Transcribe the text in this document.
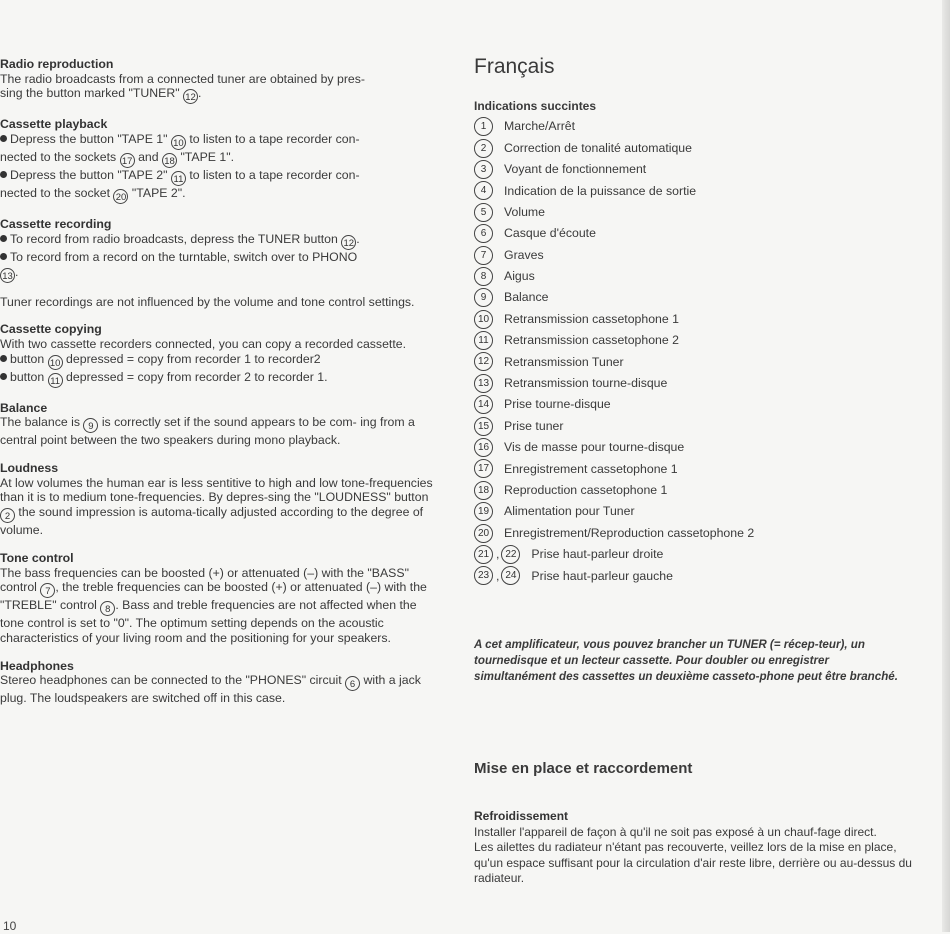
Radio reproduction

The radio broadcasts from a connected tuner are obtained by pres-
sing the button marked "TUNER" 12 .

Cassette playback

Depress the button "TAPE 1" 10 to listen to a tape recorder con-
nected to the sockets 17 and 18 "TAPE 1".

Depress the button "TAPE 2" 11 to listen to a tape recorder con-
nected to the socket 20 "TAPE 2".

Cassette recording

To record from radio broadcasts, depress the TUNER button 12 .

To record from a record on the turntable, switch over to PHONO
13 .

Tuner recordings are not influenced by the volume and tone control settings.

Cassette copying

With two cassette recorders connected, you can copy a recorded cassette.

button 10 depressed = copy from recorder 1 to recorder2

button 11 depressed = copy from recorder 2 to recorder 1.

Balance

The balance is 9 is correctly set if the sound appears to be com- ing from a central point between the two speakers during mono playback.

Loudness

At low volumes the human ear is less sentitive to high and low tone-frequencies than it is to medium tone-frequencies. By depres-sing the "LOUDNESS" button 2 the sound impression is automa-tically adjusted according to the degree of volume.

Tone control

The bass frequencies can be boosted (+) or attenuated (–) with the "BASS" control 7 , the treble frequencies can be boosted (+) or attenuated (–) with the "TREBLE" control 8 . Bass and treble frequencies are not affected when the tone control is set to "0". The optimum setting depends on the acoustic characteristics of your living room and the positioning for your speakers.

Headphones

Stereo headphones can be connected to the "PHONES" circuit 6 with a jack plug. The loudspeakers are switched off in this case.

10
Français
Indications succintes
1	Marche/Arrêt
2	Correction de tonalité automatique
3	Voyant de fonctionnement
4	Indication de la puissance de sortie
5	Volume
6	Casque d'écoute
7	Graves
8	Aigus
9	Balance
10	Retransmission cassetophone 1
11	Retransmission cassetophone 2
12	Retransmission Tuner
13	Retransmission tourne-disque
14	Prise tourne-disque
15	Prise tuner
16	Vis de masse pour tourne-disque
17	Enregistrement cassetophone 1
18	Reproduction cassetophone 1
19	Alimentation pour Tuner
20	Enregistrement/Reproduction cassetophone 2
21 , 22	Prise haut-parleur droite
23 , 24	Prise haut-parleur gauche
A cet amplificateur, vous pouvez brancher un TUNER (= récep-teur), un tournedisque et un lecteur cassette. Pour doubler ou enregistrer simultanément des cassettes un deuxième casseto-phone peut être branché.
Mise en place et raccordement
Refroidissement

Installer l'appareil de façon à qu'il ne soit pas exposé à un chauf-fage direct.

Les ailettes du radiateur n'étant pas recouverte, veillez lors de la mise en place, qu'un espace suffisant pour la circulation d'air reste libre, derrière ou au-dessus du radiateur.
